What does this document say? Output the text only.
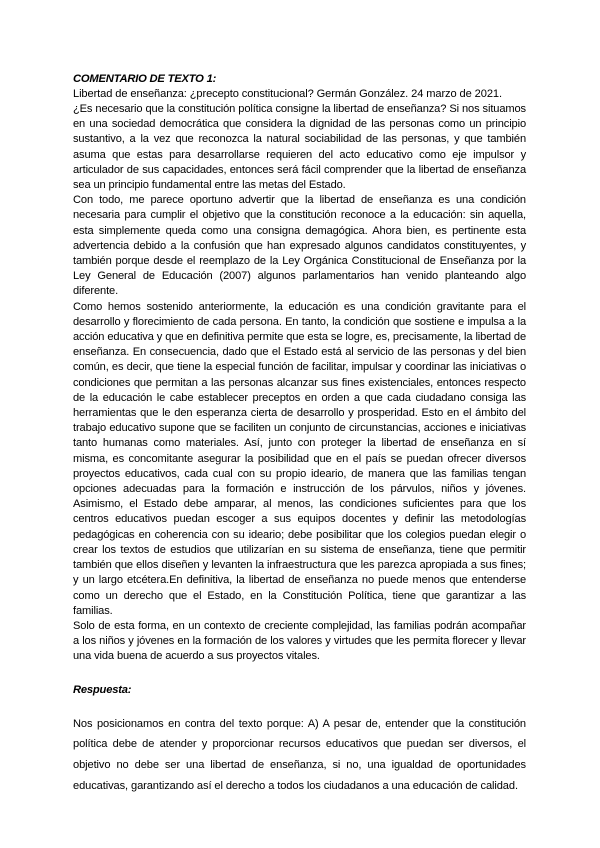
COMENTARIO DE TEXTO 1:

Libertad de enseñanza: ¿precepto constitucional? Germán González. 24 marzo de 2021.

¿Es necesario que la constitución política consigne la libertad de enseñanza? Si nos situamos en una sociedad democrática que considera la dignidad de las personas como un principio sustantivo, a la vez que reconozca la natural sociabilidad de las personas, y que también asuma que estas para desarrollarse requieren del acto educativo como eje impulsor y articulador de sus capacidades, entonces será fácil comprender que la libertad de enseñanza sea un principio fundamental entre las metas del Estado.

Con todo, me parece oportuno advertir que la libertad de enseñanza es una condición necesaria para cumplir el objetivo que la constitución reconoce a la educación: sin aquella, esta simplemente queda como una consigna demagógica. Ahora bien, es pertinente esta advertencia debido a la confusión que han expresado algunos candidatos constituyentes, y también porque desde el reemplazo de la Ley Orgánica Constitucional de Enseñanza por la Ley General de Educación (2007) algunos parlamentarios han venido planteando algo diferente.

Como hemos sostenido anteriormente, la educación es una condición gravitante para el desarrollo y florecimiento de cada persona. En tanto, la condición que sostiene e impulsa a la acción educativa y que en definitiva permite que esta se logre, es, precisamente, la libertad de enseñanza. En consecuencia, dado que el Estado está al servicio de las personas y del bien común, es decir, que tiene la especial función de facilitar, impulsar y coordinar las iniciativas o condiciones que permitan a las personas alcanzar sus fines existenciales, entonces respecto de la educación le cabe establecer preceptos en orden a que cada ciudadano consiga las herramientas que le den esperanza cierta de desarrollo y prosperidad. Esto en el ámbito del trabajo educativo supone que se faciliten un conjunto de circunstancias, acciones e iniciativas tanto humanas como materiales. Así, junto con proteger la libertad de enseñanza en sí misma, es concomitante asegurar la posibilidad que en el país se puedan ofrecer diversos proyectos educativos, cada cual con su propio ideario, de manera que las familias tengan opciones adecuadas para la formación e instrucción de los párvulos, niños y jóvenes. Asimismo, el Estado debe amparar, al menos, las condiciones suficientes para que los centros educativos puedan escoger a sus equipos docentes y definir las metodologías pedagógicas en coherencia con su ideario; debe posibilitar que los colegios puedan elegir o crear los textos de estudios que utilizarían en su sistema de enseñanza, tiene que permitir también que ellos diseñen y levanten la infraestructura que les parezca apropiada a sus fines; y un largo etcétera.En definitiva, la libertad de enseñanza no puede menos que entenderse como un derecho que el Estado, en la Constitución Política, tiene que garantizar a las familias.

Solo de esta forma, en un contexto de creciente complejidad, las familias podrán acompañar a los niños y jóvenes en la formación de los valores y virtudes que les permita florecer y llevar una vida buena de acuerdo a sus proyectos vitales.

Respuesta:

Nos posicionamos en contra del texto porque: A) A pesar de, entender que la constitución política debe de atender y proporcionar recursos educativos que puedan ser diversos, el objetivo no debe ser una libertad de enseñanza, si no, una igualdad de oportunidades educativas, garantizando así el derecho a todos los ciudadanos a una educación de calidad.
